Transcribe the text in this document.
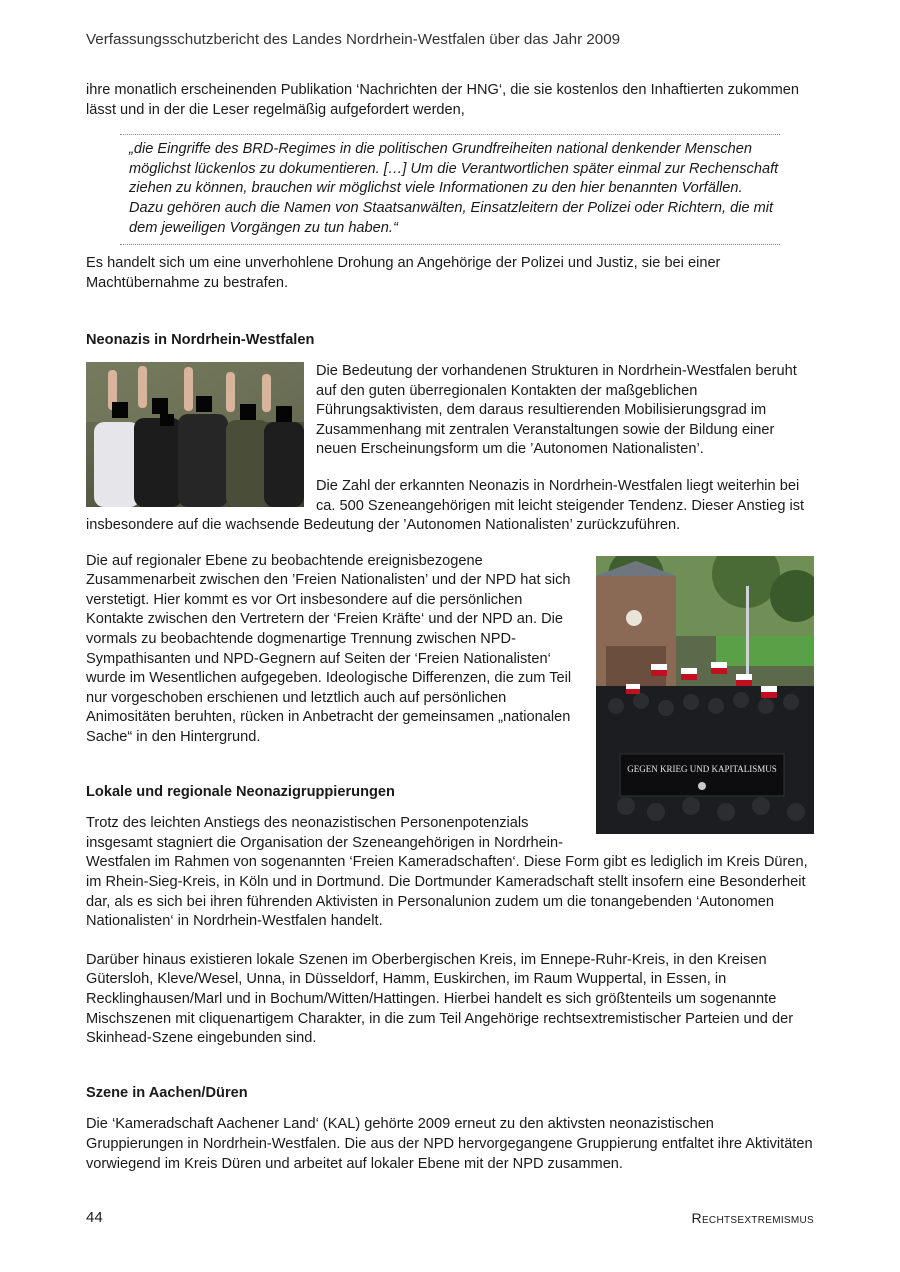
Verfassungsschutzbericht des Landes Nordrhein-Westfalen über das Jahr 2009

ihre monatlich erscheinenden Publikation ‘Nachrichten der HNG‘, die sie kostenlos den Inhaftierten zukommen lässt und in der die Leser regelmäßig aufgefordert werden,

„die Eingriffe des BRD-Regimes in die politischen Grundfreiheiten national denkender Menschen möglichst lückenlos zu dokumentieren. […] Um die Verantwortlichen später einmal zur Rechenschaft ziehen zu können, brauchen wir möglichst viele Informationen zu den hier benannten Vorfällen. Dazu gehören auch die Namen von Staatsanwälten, Einsatzleitern der Polizei oder Richtern, die mit dem jeweiligen Vorgängen zu tun haben.“

Es handelt sich um eine unverhohlene Drohung an Angehörige der Polizei und Justiz, sie bei einer Machtübernahme zu bestrafen.

Neonazis in Nordrhein-Westfalen

Die Bedeutung der vorhandenen Strukturen in Nordrhein-Westfalen beruht auf den guten überregionalen Kontakten der maßgeblichen Führungsaktivisten, dem daraus resultierenden Mobilisierungsgrad im Zusammenhang mit zentralen Veranstaltungen sowie der Bildung einer neuen Erscheinungsform um die ’Autonomen Nationalisten’.

Die Zahl der erkannten Neonazis in Nordrhein-Westfalen liegt weiterhin bei ca. 500 Szeneangehörigen mit leicht steigender Tendenz. Dieser Anstieg ist insbesondere auf die wachsende Bedeutung der ’Autonomen Nationalisten’ zurückzuführen.

GEGEN KRIEG UND KAPITALISMUS

Die auf regionaler Ebene zu beobachtende ereignisbezogene Zusammenarbeit zwischen den ’Freien Nationalisten’ und der NPD hat sich verstetigt. Hier kommt es vor Ort insbesondere auf die persönlichen Kontakte zwischen den Vertretern der ‘Freien Kräfte‘ und der NPD an. Die vormals zu beobachtende dogmenartige Trennung zwischen NPD-Sympathisanten und NPD-Gegnern auf Seiten der ‘Freien Nationalisten‘ wurde im Wesentlichen aufgegeben. Ideologische Differenzen, die zum Teil nur vorgeschoben erschienen und letztlich auch auf persönlichen Animositäten beruhten, rücken in Anbetracht der gemeinsamen „nationalen Sache“ in den Hintergrund.

Lokale und regionale Neonazigruppierungen

Trotz des leichten Anstiegs des neonazistischen Personenpotenzials insgesamt stagniert die Organisation der Szeneangehörigen in Nordrhein-Westfalen im Rahmen von sogenannten ‘Freien Kameradschaften‘. Diese Form gibt es lediglich im Kreis Düren, im Rhein-Sieg-Kreis, in Köln und in Dortmund. Die Dortmunder Kameradschaft stellt insofern eine Besonderheit dar, als es sich bei ihren führenden Aktivisten in Personalunion zudem um die tonangebenden ‘Autonomen Nationalisten‘ in Nordrhein-Westfalen handelt.

Darüber hinaus existieren lokale Szenen im Oberbergischen Kreis, im Ennepe-Ruhr-Kreis, in den Kreisen Gütersloh, Kleve/Wesel, Unna, in Düsseldorf, Hamm, Euskirchen, im Raum Wuppertal, in Essen, in Recklinghausen/Marl und in Bochum/Witten/Hattingen. Hierbei handelt es sich größtenteils um sogenannte Mischszenen mit cliquenartigem Charakter, in die zum Teil Angehörige rechtsextremistischer Parteien und der Skinhead-Szene eingebunden sind.

Szene in Aachen/Düren

Die ‘Kameradschaft Aachener Land‘ (KAL) gehörte 2009 erneut zu den aktivsten neonazistischen Gruppierungen in Nordrhein-Westfalen. Die aus der NPD hervorgegangene Gruppierung entfaltet ihre Aktivitäten vorwiegend im Kreis Düren und arbeitet auf lokaler Ebene mit der NPD zusammen.

44	Rechtsextremismus
